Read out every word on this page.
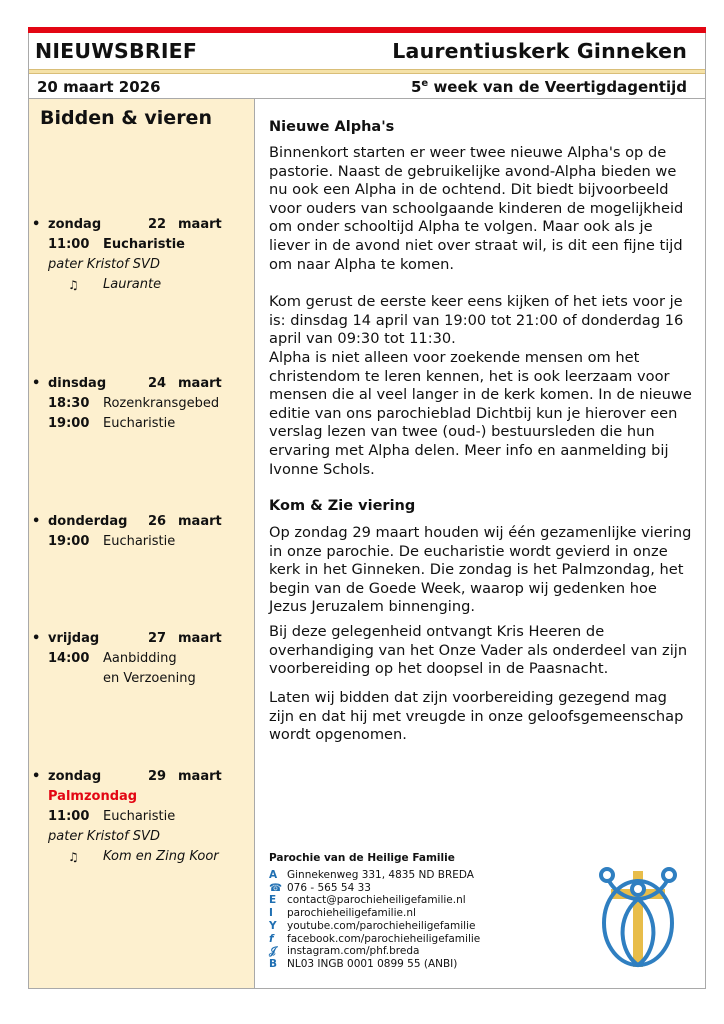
NIEUWSBRIEF	Laurentiuskerk Ginneken
20 maart 2026	5e week van de Veertigdagentijd
Bidden & vieren
• zondag	22 maart
11:00	Eucharistie
pater Kristof SVD
♫	Laurante
• dinsdag	24 maart
18:30	Rozenkransgebed
19:00	Eucharistie
• donderdag	26 maart
19:00	Eucharistie
• vrijdag	27 maart
14:00	Aanbidding
en Verzoening
• zondag	29 maart
Palmzondag
11:00	Eucharistie
pater Kristof SVD
♫	Kom en Zing Koor
Nieuwe Alpha's

Binnenkort starten er weer twee nieuwe Alpha's op de pastorie. Naast de gebruikelijke avond-Alpha bieden we nu ook een Alpha in de ochtend. Dit biedt bijvoorbeeld voor ouders van schoolgaande kinderen de mogelijkheid om onder schooltijd Alpha te volgen. Maar ook als je liever in de avond niet over straat wil, is dit een fijne tijd om naar Alpha te komen.

Kom gerust de eerste keer eens kijken of het iets voor je is: dinsdag 14 april van 19:00 tot 21:00 of donderdag 16 april van 09:30 tot 11:30.

Alpha is niet alleen voor zoekende mensen om het christendom te leren kennen, het is ook leerzaam voor mensen die al veel langer in de kerk komen. In de nieuwe editie van ons parochieblad Dichtbij kun je hierover een verslag lezen van twee (oud-) bestuursleden die hun ervaring met Alpha delen. Meer info en aanmelding bij Ivonne Schols.

Kom & Zie viering

Op zondag 29 maart houden wij één gezamenlijke viering in onze parochie. De eucharistie wordt gevierd in onze kerk in het Ginneken. Die zondag is het Palmzondag, het begin van de Goede Week, waarop wij gedenken hoe Jezus Jeruzalem binnenging.

Bij deze gelegenheid ontvangt Kris Heeren de overhandiging van het Onze Vader als onderdeel van zijn voorbereiding op het doopsel in de Paasnacht.

Laten wij bidden dat zijn voorbereiding gezegend mag zijn en dat hij met vreugde in onze geloofsgemeenschap wordt opgenomen.

Parochie van de Heilige Familie
A Ginnekenweg 331, 4835 ND BREDA
☎ 076 - 565 54 33
E	contact@parochieheiligefamilie.nl
I	parochieheiligefamilie.nl
Y youtube.com/parochieheiligefamilie
f	facebook.com/parochieheiligefamilie
𝒥	instagram.com/phf.breda
B NL03 INGB 0001 0899 55 (ANBI)
